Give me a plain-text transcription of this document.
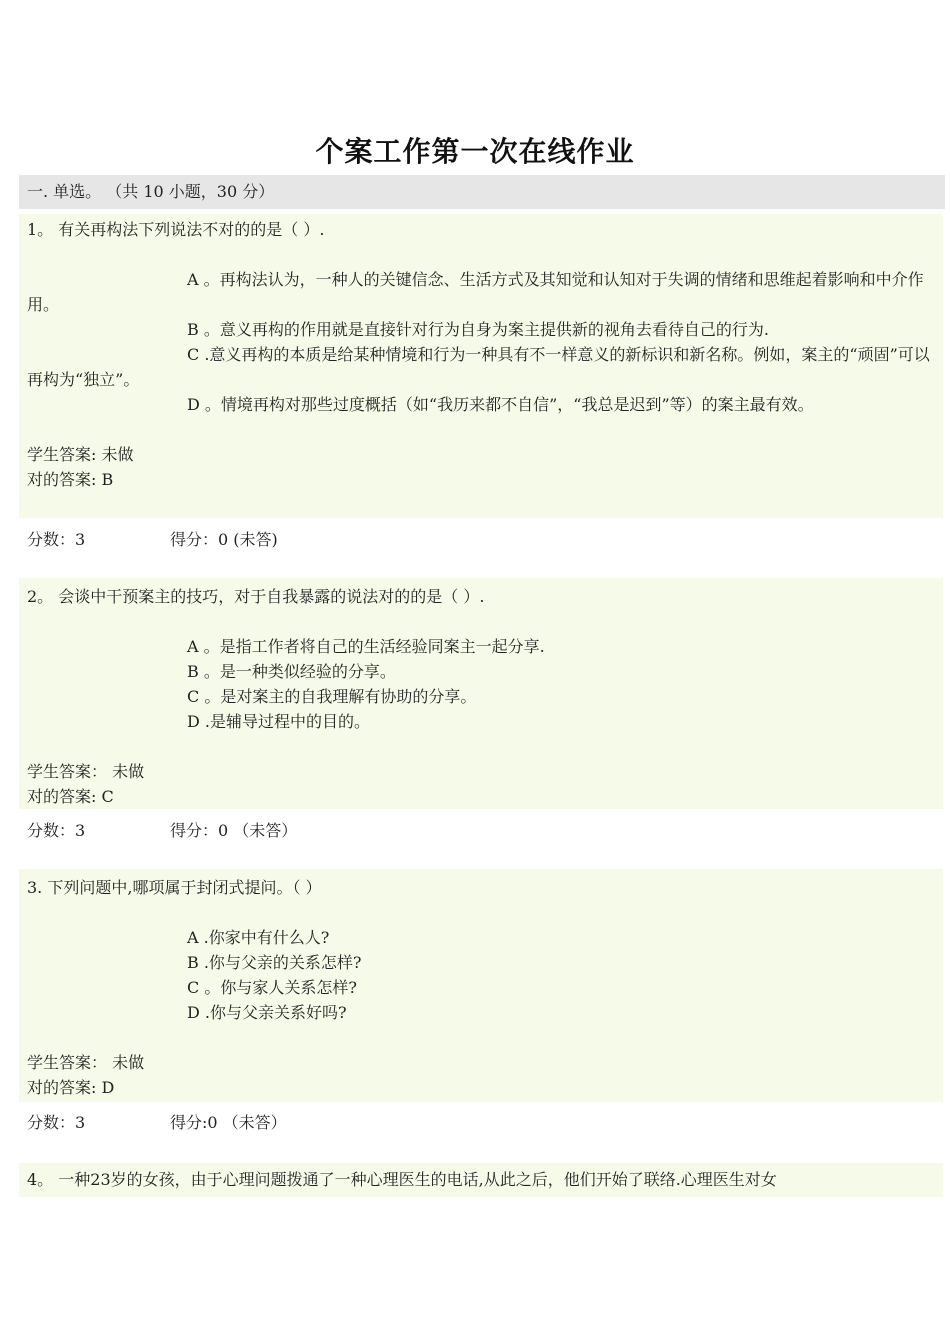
个案工作第一次在线作业
一. 单选。 （共 10 小题，30 分）
1。 有关再构法下列说法不对的的是（ ）.
A 。再构法认为，一种人的关键信念、生活方式及其知觉和认知对于失调的情绪和思维起着影响和中介作用。
B 。意义再构的作用就是直接针对行为自身为案主提供新的视角去看待自己的行为.
C .意义再构的本质是给某种情境和行为一种具有不一样意义的新标识和新名称。例如，案主的“顽固”可以再构为“独立”。
D 。情境再构对那些过度概括（如“我历来都不自信”，“我总是迟到”等）的案主最有效。
学生答案: 未做
对的答案: B
分数：3	得分：0 (未答)
2。 会谈中干预案主的技巧，对于自我暴露的说法对的的是（ ）.
A 。是指工作者将自己的生活经验同案主一起分享.
B 。是一种类似经验的分享。
C 。是对案主的自我理解有协助的分享。
D .是辅导过程中的目的。
学生答案： 未做
对的答案: C
分数：3	得分：0 （未答）
3. 下列问题中,哪项属于封闭式提问。（ ）
A .你家中有什么人?
B .你与父亲的关系怎样?
C 。你与家人关系怎样?
D .你与父亲关系好吗?
学生答案： 未做
对的答案: D
分数：3	得分:0 （未答）
4。 一种23岁的女孩，由于心理问题拨通了一种心理医生的电话,从此之后，他们开始了联络.心理医生对女
